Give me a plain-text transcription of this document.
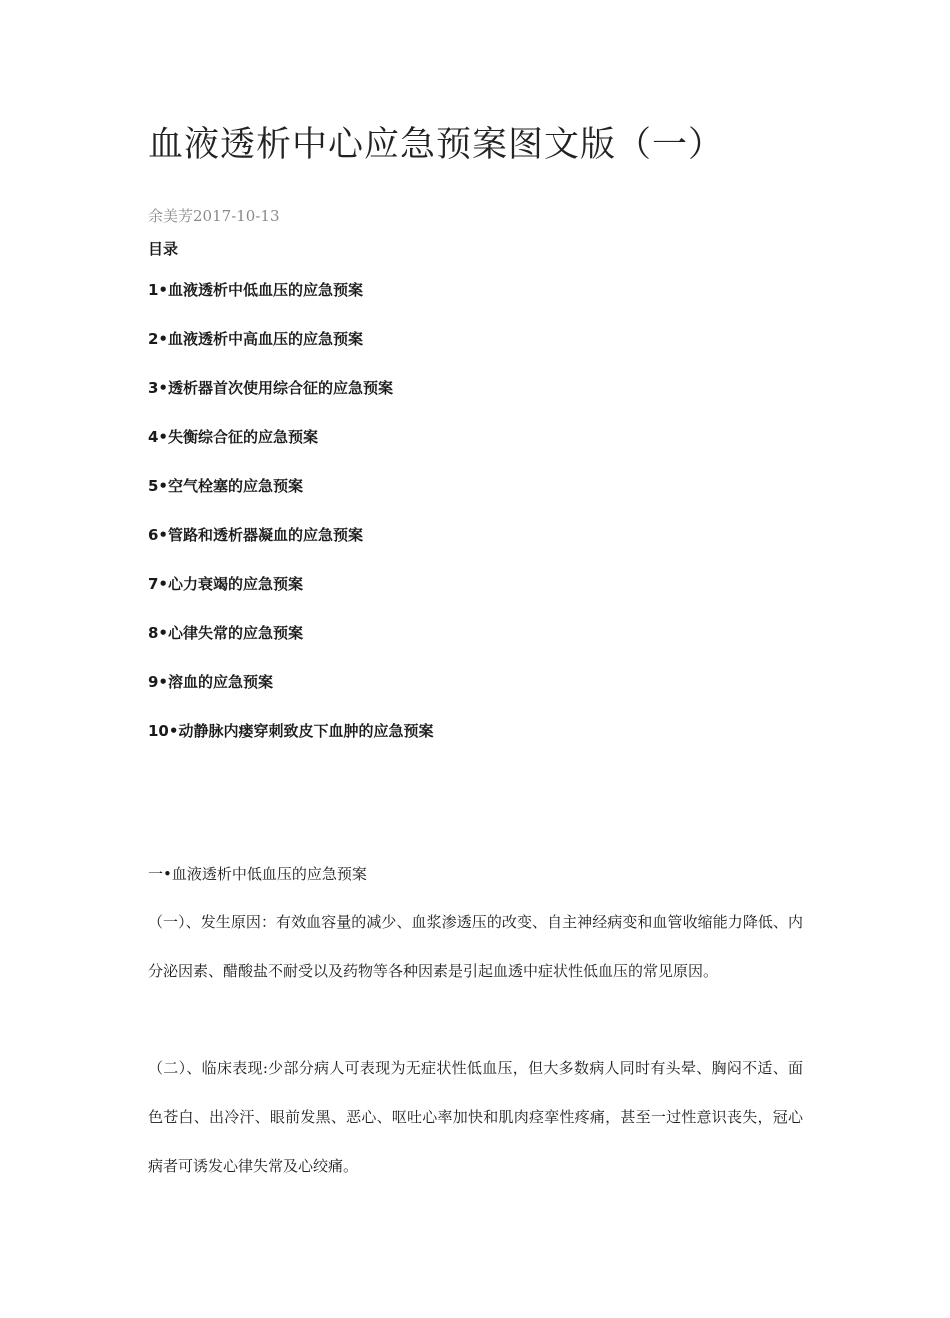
血液透析中心应急预案图文版（一）
余美芳2017-10-13
目录
1•血液透析中低血压的应急预案
2•血液透析中高血压的应急预案
3•透析器首次使用综合征的应急预案
4•失衡综合征的应急预案
5•空气栓塞的应急预案
6•管路和透析器凝血的应急预案
7•心力衰竭的应急预案
8•心律失常的应急预案
9•溶血的应急预案
10•动静脉内瘘穿刺致皮下血肿的应急预案
一•血液透析中低血压的应急预案

（一）、发生原因：有效血容量的减少、血浆渗透压的改变、自主神经病变和血管收缩能力降低、内分泌因素、醋酸盐不耐受以及药物等各种因素是引起血透中症状性低血压的常见原因。

（二）、临床表现:少部分病人可表现为无症状性低血压，但大多数病人同时有头晕、胸闷不适、面色苍白、出冷汗、眼前发黑、恶心、呕吐心率加快和肌肉痉挛性疼痛，甚至一过性意识丧失，冠心病者可诱发心律失常及心绞痛。
